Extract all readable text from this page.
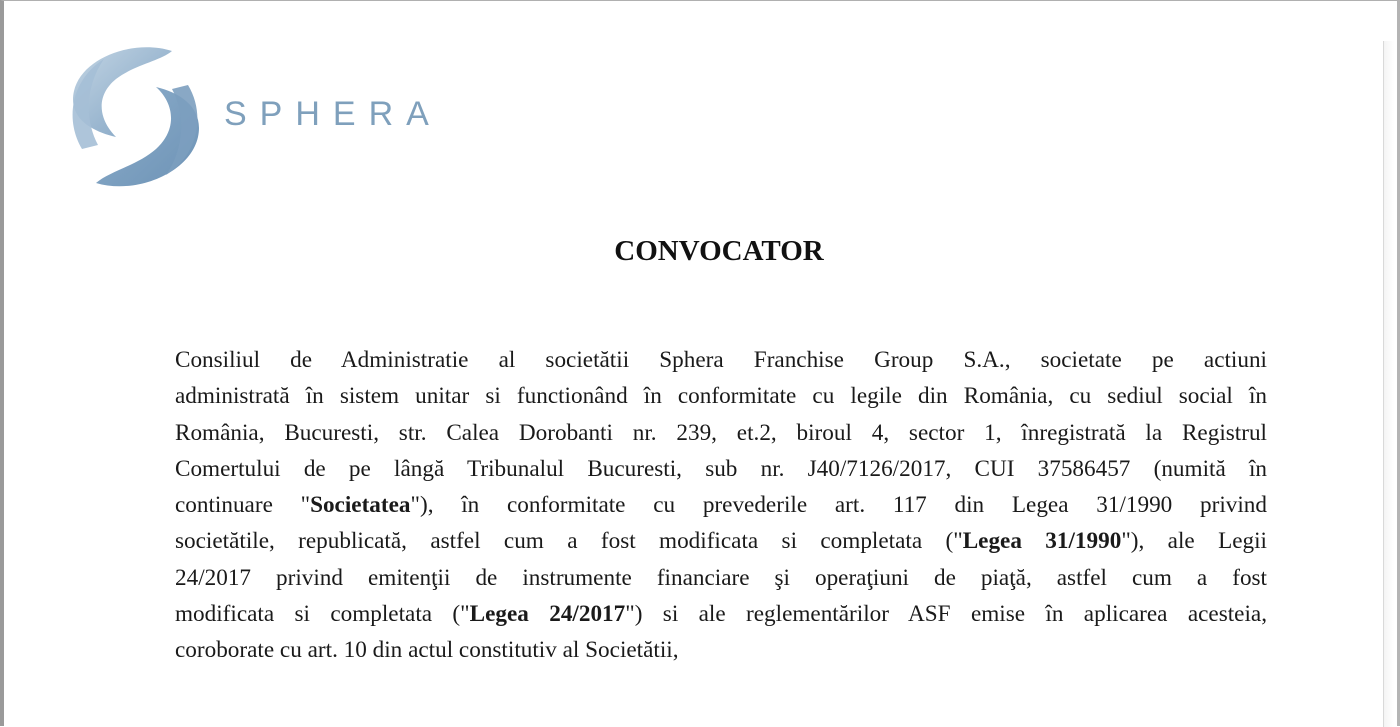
SPHERA
CONVOCATOR
Consiliul de Administratie al societătii Sphera Franchise Group S.A., societate pe actiuni
administrată în sistem unitar si functionând în conformitate cu legile din România, cu sediul social în
România, Bucuresti, str. Calea Dorobanti nr. 239, et.2, biroul 4, sector 1, înregistrată la Registrul
Comertului de pe lângă Tribunalul Bucuresti, sub nr. J40/7126/2017, CUI 37586457 (numită în
continuare "Societatea"), în conformitate cu prevederile art. 117 din Legea 31/1990 privind
societătile, republicată, astfel cum a fost modificata si completata ("Legea 31/1990"), ale Legii
24/2017 privind emitenţii de instrumente financiare şi operaţiuni de piaţă, astfel cum a fost
modificata si completata ("Legea 24/2017") si ale reglementărilor ASF emise în aplicarea acesteia,
coroborate cu art. 10 din actul constitutiv al Societătii,
